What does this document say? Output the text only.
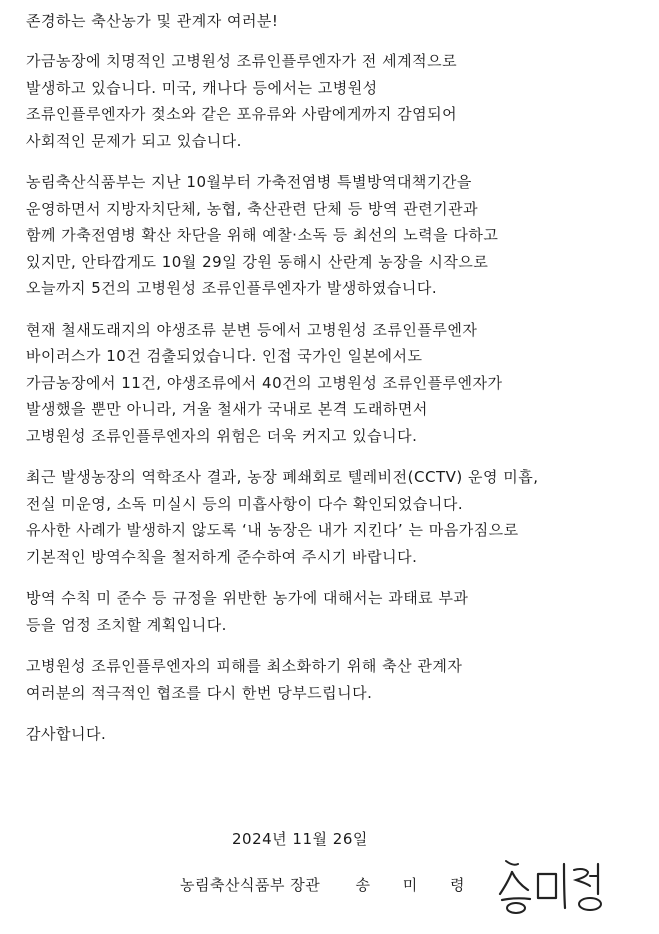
존경하는 축산농가 및 관계자 여러분!

가금농장에 치명적인 고병원성 조류인플루엔자가 전 세계적으로
발생하고 있습니다. 미국, 캐나다 등에서는 고병원성
조류인플루엔자가 젖소와 같은 포유류와 사람에게까지 감염되어
사회적인 문제가 되고 있습니다.
농림축산식품부는 지난 10월부터 가축전염병 특별방역대책기간을
운영하면서 지방자치단체, 농협, 축산관련 단체 등 방역 관련기관과
함께 가축전염병 확산 차단을 위해 예찰·소독 등 최선의 노력을 다하고
있지만, 안타깝게도 10월 29일 강원 동해시 산란계 농장을 시작으로
오늘까지 5건의 고병원성 조류인플루엔자가 발생하였습니다.
현재 철새도래지의 야생조류 분변 등에서 고병원성 조류인플루엔자
바이러스가 10건 검출되었습니다. 인접 국가인 일본에서도
가금농장에서 11건, 야생조류에서 40건의 고병원성 조류인플루엔자가
발생했을 뿐만 아니라, 겨울 철새가 국내로 본격 도래하면서
고병원성 조류인플루엔자의 위험은 더욱 커지고 있습니다.
최근 발생농장의 역학조사 결과, 농장 폐쇄회로 텔레비전(CCTV) 운영 미흡,
전실 미운영, 소독 미실시 등의 미흡사항이 다수 확인되었습니다.
유사한 사례가 발생하지 않도록 ‘내 농장은 내가 지킨다’ 는 마음가짐으로
기본적인 방역수칙을 철저하게 준수하여 주시기 바랍니다.
방역 수칙 미 준수 등 규정을 위반한 농가에 대해서는 과태료 부과
등을 엄정 조치할 계획입니다.
고병원성 조류인플루엔자의 피해를 최소화하기 위해 축산 관계자
여러분의 적극적인 협조를 다시 한번 당부드립니다.

감사합니다.

2024년 11월 26일
농림축산식품부 장관 송 미 령
